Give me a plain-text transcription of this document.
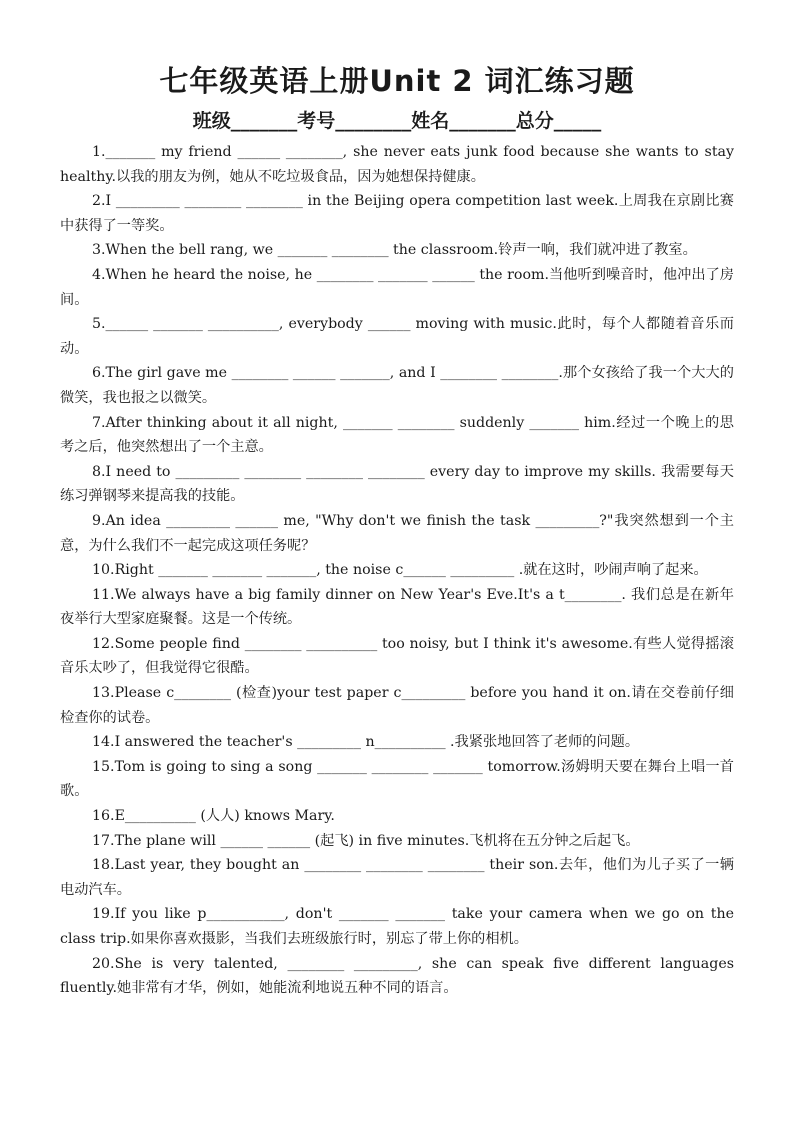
七年级英语上册Unit 2 词汇练习题
班级_______考号________姓名_______总分_____

1._______ my friend ______ ________, she never eats junk food because she wants to stay healthy.以我的朋友为例，她从不吃垃圾食品，因为她想保持健康。

2.I _________ ________ ________ in the Beijing opera competition last week.上周我在京剧比赛中获得了一等奖。

3.When the bell rang, we _______ ________ the classroom.铃声一响，我们就冲进了教室。

4.When he heard the noise, he ________ _______ ______ the room.当他听到噪音时，他冲出了房间。

5.______ _______ __________, everybody ______ moving with music.此时，每个人都随着音乐而动。

6.The girl gave me ________ ______ _______, and I ________ ________.那个女孩给了我一个大大的微笑，我也报之以微笑。

7.After thinking about it all night, _______ ________ suddenly _______ him.经过一个晚上的思考之后，他突然想出了一个主意。

8.I need to _________ ________ ________ ________ every day to improve my skills. 我需要每天练习弹钢琴来提高我的技能。

9.An idea _________ ______ me, "Why don't we finish the task _________?"我突然想到一个主意，为什么我们不一起完成这项任务呢？

10.Right _______ _______ _______, the noise c______ _________ .就在这时，吵闹声响了起来。

11.We always have a big family dinner on New Year's Eve.It's a t________. 我们总是在新年夜举行大型家庭聚餐。这是一个传统。

12.Some people find ________ __________ too noisy, but I think it's awesome.有些人觉得摇滚音乐太吵了，但我觉得它很酷。

13.Please c________ (检查)your test paper c_________ before you hand it on.请在交卷前仔细检查你的试卷。

14.I answered the teacher's _________ n__________ .我紧张地回答了老师的问题。

15.Tom is going to sing a song _______ ________ _______ tomorrow.汤姆明天要在舞台上唱一首歌。

16.E__________ (人人) knows Mary.

17.The plane will ______ ______ (起飞) in five minutes.飞机将在五分钟之后起飞。

18.Last year, they bought an ________ ________ ________ their son.去年，他们为儿子买了一辆电动汽车。

19.If you like p___________, don't _______ _______ take your camera when we go on the class trip.如果你喜欢摄影，当我们去班级旅行时，别忘了带上你的相机。

20.She is very talented, ________ _________, she can speak five different languages fluently.她非常有才华，例如，她能流利地说五种不同的语言。
